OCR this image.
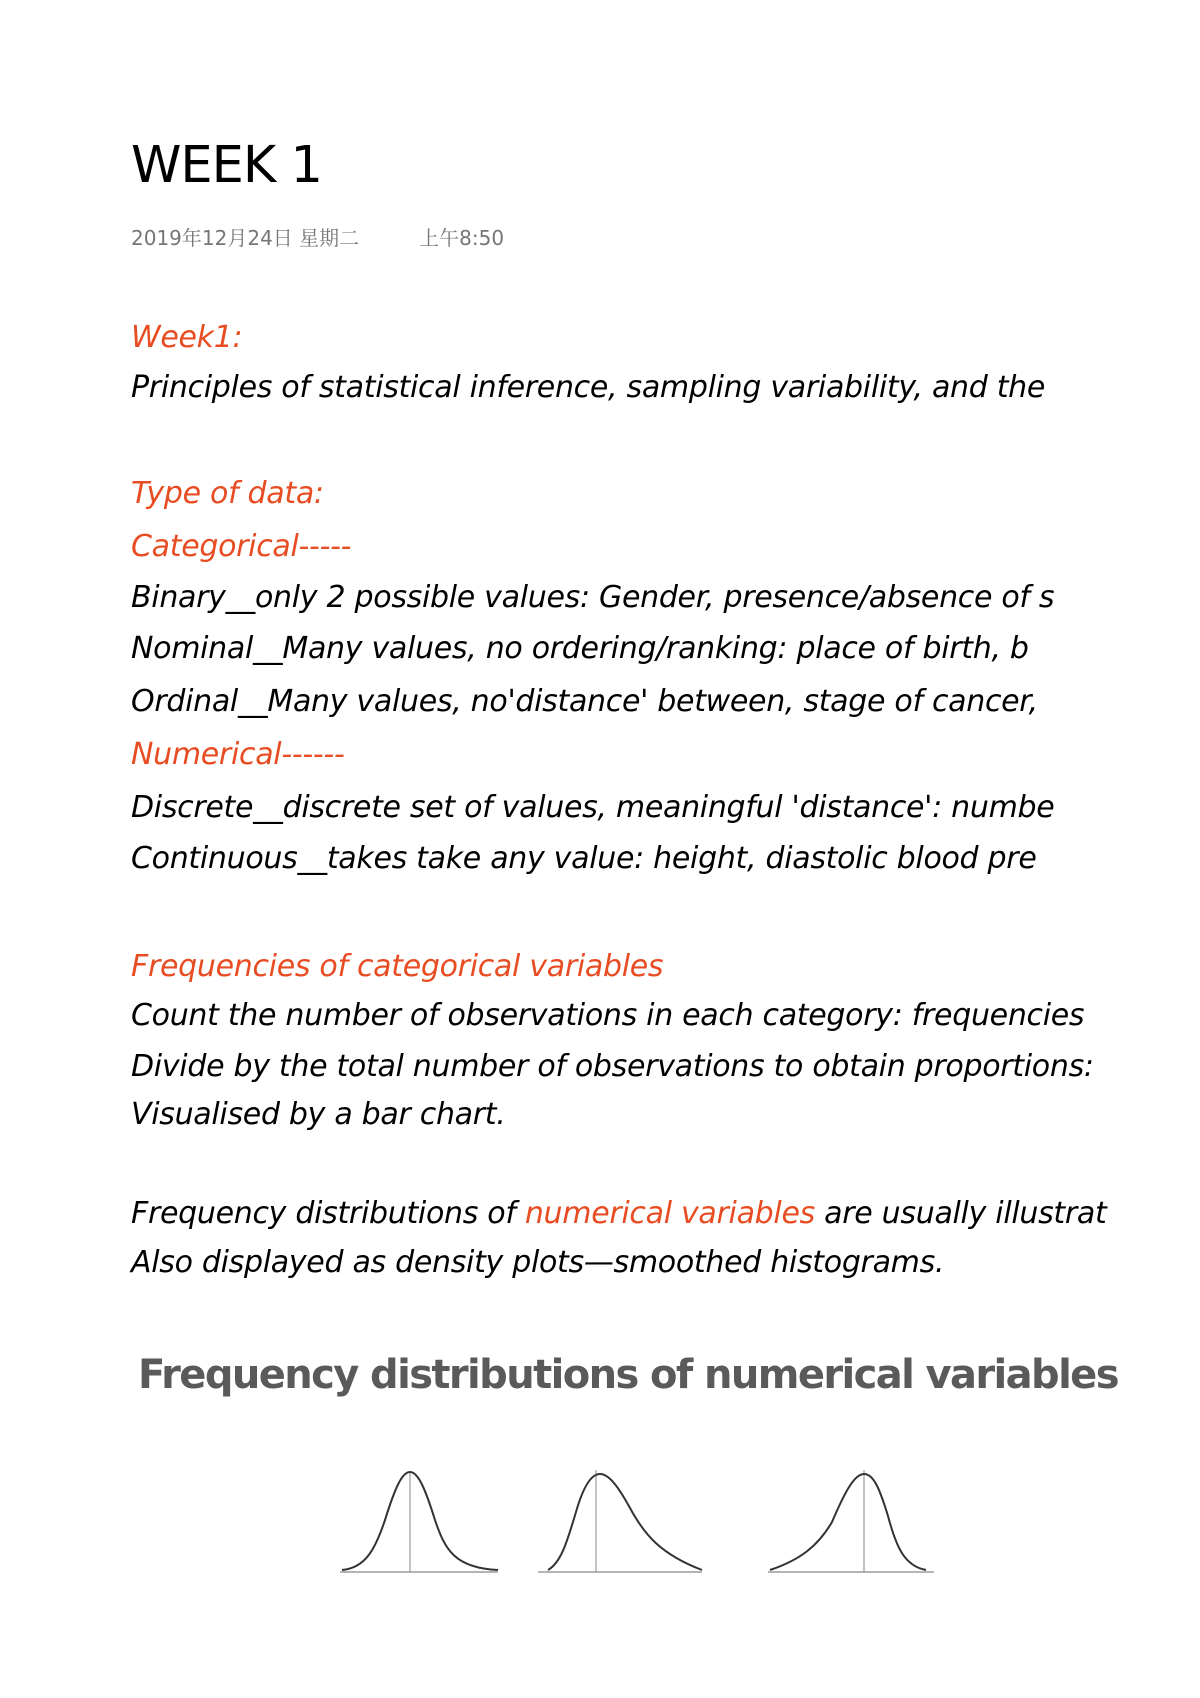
WEEK 1
2019年12月24日 星期二	上午8:50

Week1:

Principles of statistical inference, sampling variability, and the

Type of data:

Categorical-----

Binary__only 2 possible values: Gender, presence/absence of s

Nominal__Many values, no ordering/ranking: place of birth, b

Ordinal__Many values, no'distance' between, stage of cancer,

Numerical------

Discrete__discrete set of values, meaningful 'distance': numbe

Continuous__takes take any value: height, diastolic blood pre

Frequencies of categorical variables

Count the number of observations in each category: frequencies

Divide by the total number of observations to obtain proportions:

Visualised by a bar chart.

Frequency distributions of numerical variables are usually illustrat

Also displayed as density plots—smoothed histograms.

Frequency distributions of numerical variables
